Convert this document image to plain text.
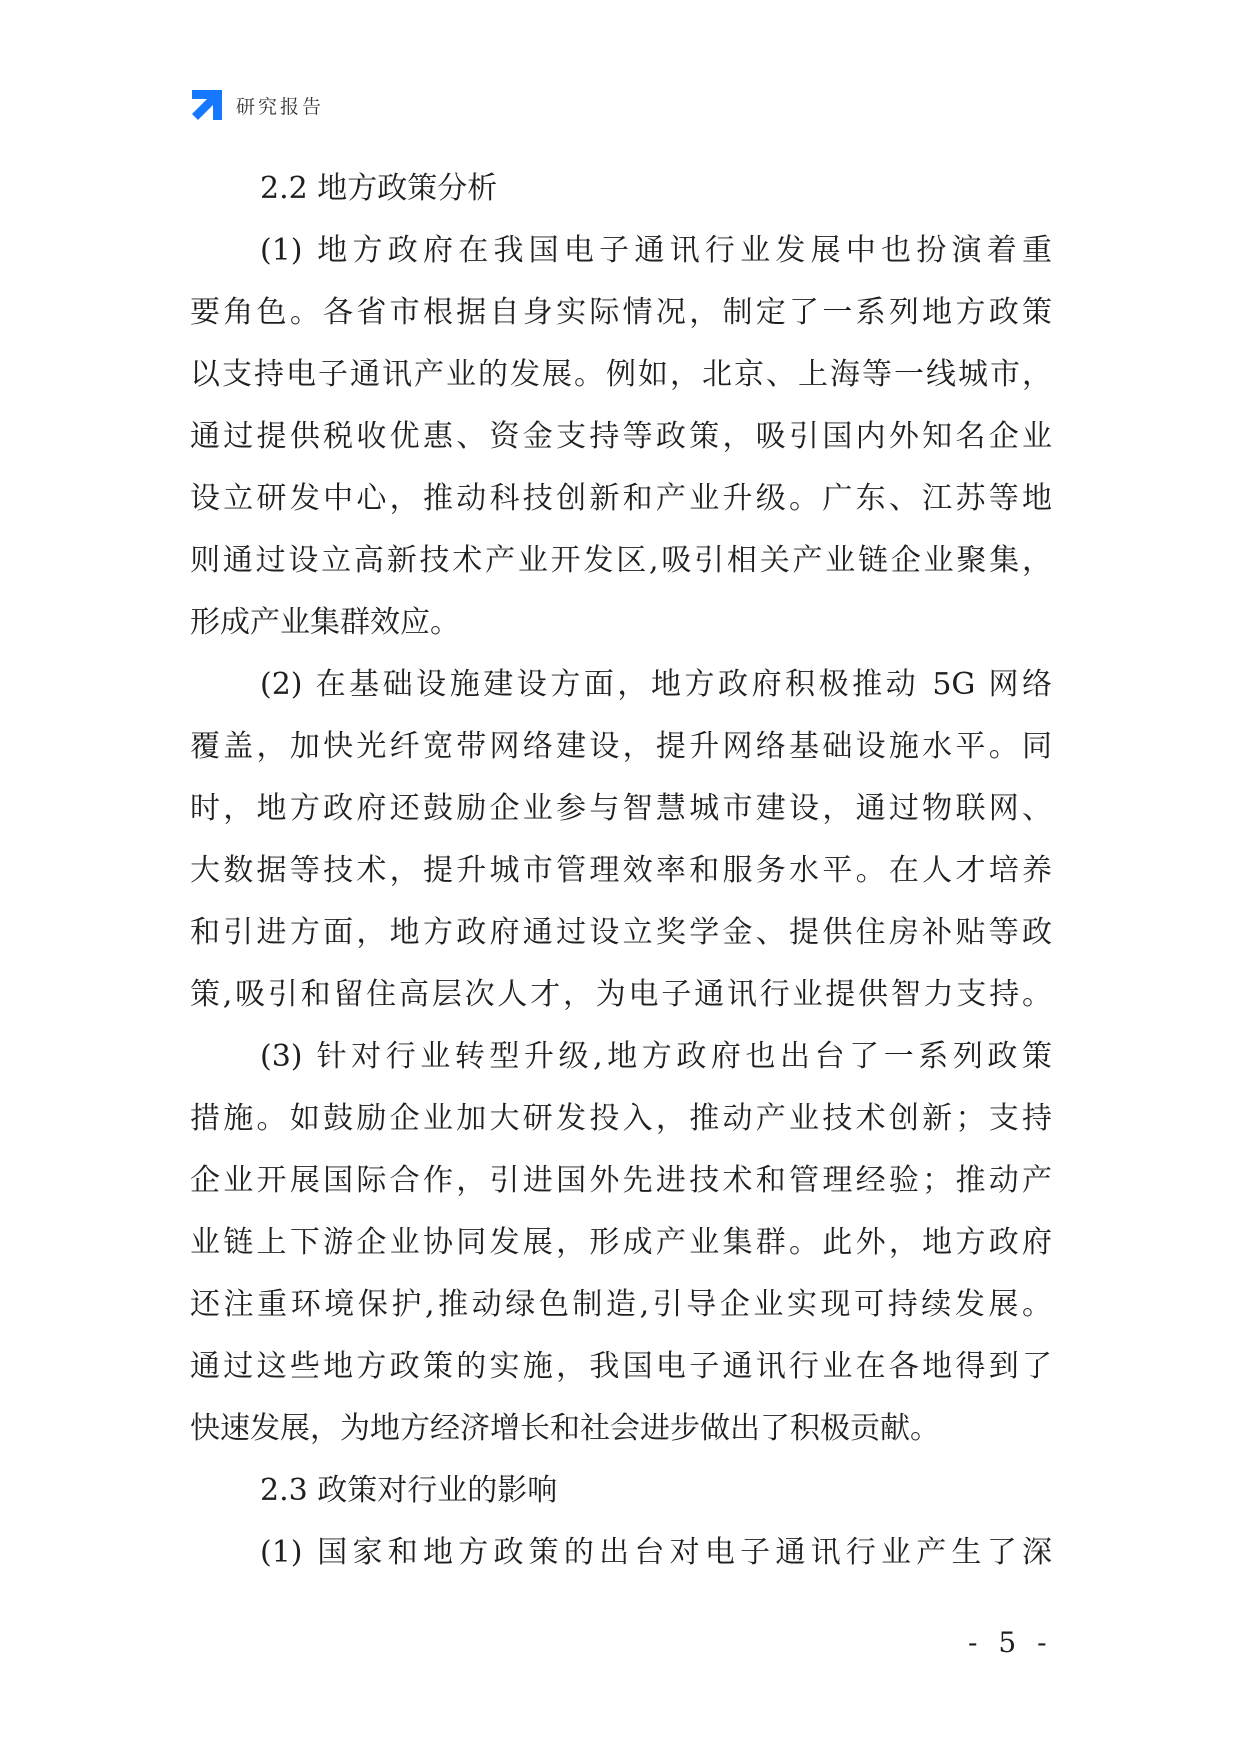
研究报告
2.2 地方政策分析
(1) 地方政府在我国电子通讯行业发展中也扮演着重
要角色。各省市根据自身实际情况，制定了一系列地方政策
以支持电子通讯产业的发展。例如，北京、上海等一线城市，
通过提供税收优惠、资金支持等政策，吸引国内外知名企业
设立研发中心，推动科技创新和产业升级。广东、江苏等地
则通过设立高新技术产业开发区,吸引相关产业链企业聚集，
形成产业集群效应。
(2) 在基础设施建设方面，地方政府积极推动 5G 网络
覆盖，加快光纤宽带网络建设，提升网络基础设施水平。同
时，地方政府还鼓励企业参与智慧城市建设，通过物联网、
大数据等技术，提升城市管理效率和服务水平。在人才培养
和引进方面，地方政府通过设立奖学金、提供住房补贴等政
策,吸引和留住高层次人才，为电子通讯行业提供智力支持。
(3) 针对行业转型升级,地方政府也出台了一系列政策
措施。如鼓励企业加大研发投入，推动产业技术创新；支持
企业开展国际合作，引进国外先进技术和管理经验；推动产
业链上下游企业协同发展，形成产业集群。此外，地方政府
还注重环境保护,推动绿色制造,引导企业实现可持续发展。
通过这些地方政策的实施，我国电子通讯行业在各地得到了
快速发展，为地方经济增长和社会进步做出了积极贡献。
2.3 政策对行业的影响
(1) 国家和地方政策的出台对电子通讯行业产生了深
- 5 -
